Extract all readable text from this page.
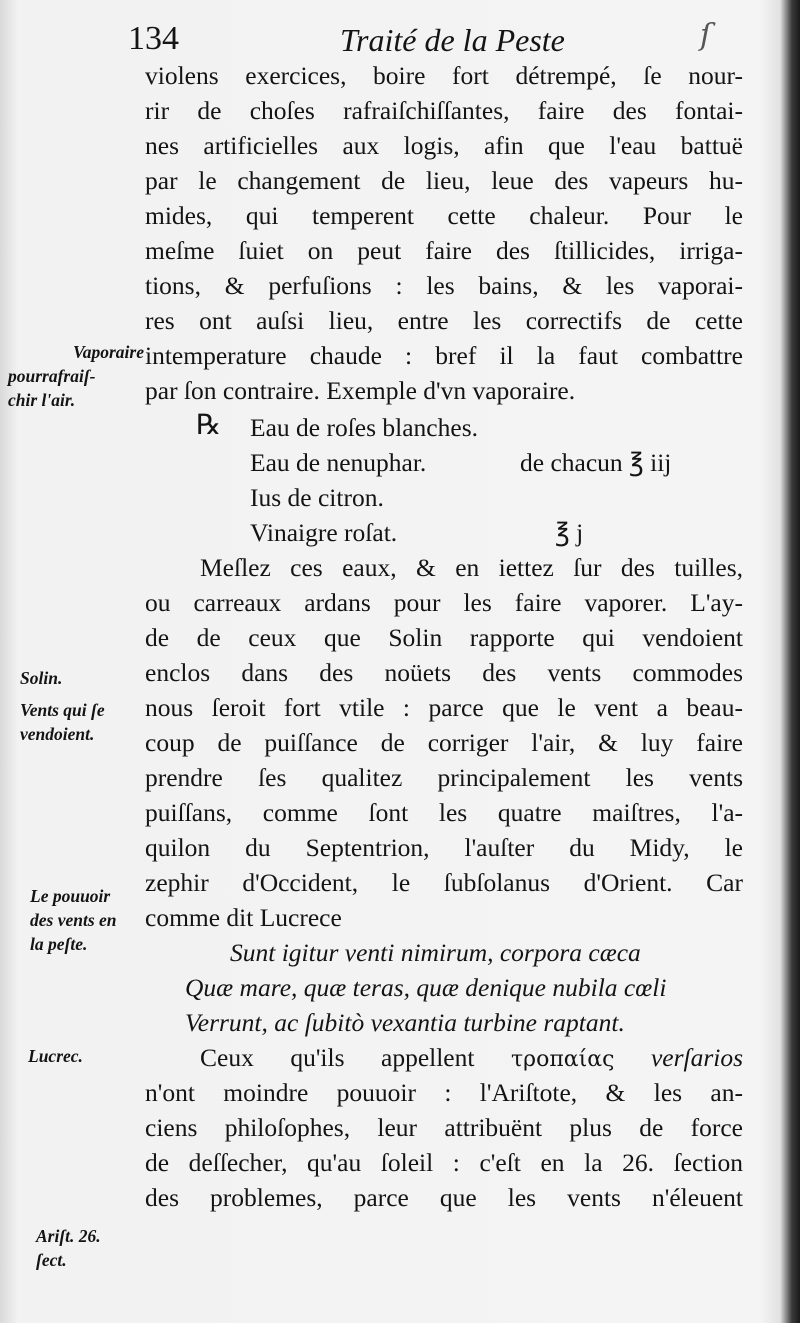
134	Traité de la Peste	ſ
violens exercices, boire fort détrempé, ſe nour-
rir de choſes rafraiſchiſſantes, faire des fontai-
nes artificielles aux logis, afin que l'eau battuë
par le changement de lieu, leue des vapeurs hu-
mides, qui temperent cette chaleur. Pour le
meſme ſuiet on peut faire des ſtillicides, irriga-
tions, & perfuſions : les bains, & les vaporai-
res ont auſsi lieu, entre les correctifs de cette
intemperature chaude : bref il la faut combattre
par ſon contraire. Exemple d'vn vaporaire.
℞ Eau de roſes blanches.
Eau de nenuphar.	de chacun ℥ iij
Ius de citron.
Vinaigre roſat.	℥ j
Meſlez ces eaux, & en iettez ſur des tuilles,
ou carreaux ardans pour les faire vaporer. L'ay-
de de ceux que Solin rapporte qui vendoient
enclos dans des noüets des vents commodes
nous ſeroit fort vtile : parce que le vent a beau-
coup de puiſſance de corriger l'air, & luy faire
prendre ſes qualitez principalement les vents
puiſſans, comme ſont les quatre maiſtres, l'a-
quilon du Septentrion, l'auſter du Midy, le
zephir d'Occident, le ſubſolanus d'Orient. Car
comme dit Lucrece
Sunt igitur venti nimirum, corpora cæca
Quæ mare, quæ teras, quæ denique nubila cœli
Verrunt, ac ſubitò vexantia turbine raptant.
Ceux qu'ils appellent τροπαίας verſarios
n'ont moindre pouuoir : l'Ariſtote, & les an-
ciens philoſophes, leur attribuënt plus de force
de deſſecher, qu'au ſoleil : c'eſt en la 26. ſection
des problemes, parce que les vents n'éleuent
Vaporaire
pourrafraiſ-
chir l'air.
Solin.
Vents qui ſe
vendoient.
Le pouuoir
des vents en
la peſte.
Lucrec.
Ariſt. 26.
ſect.
